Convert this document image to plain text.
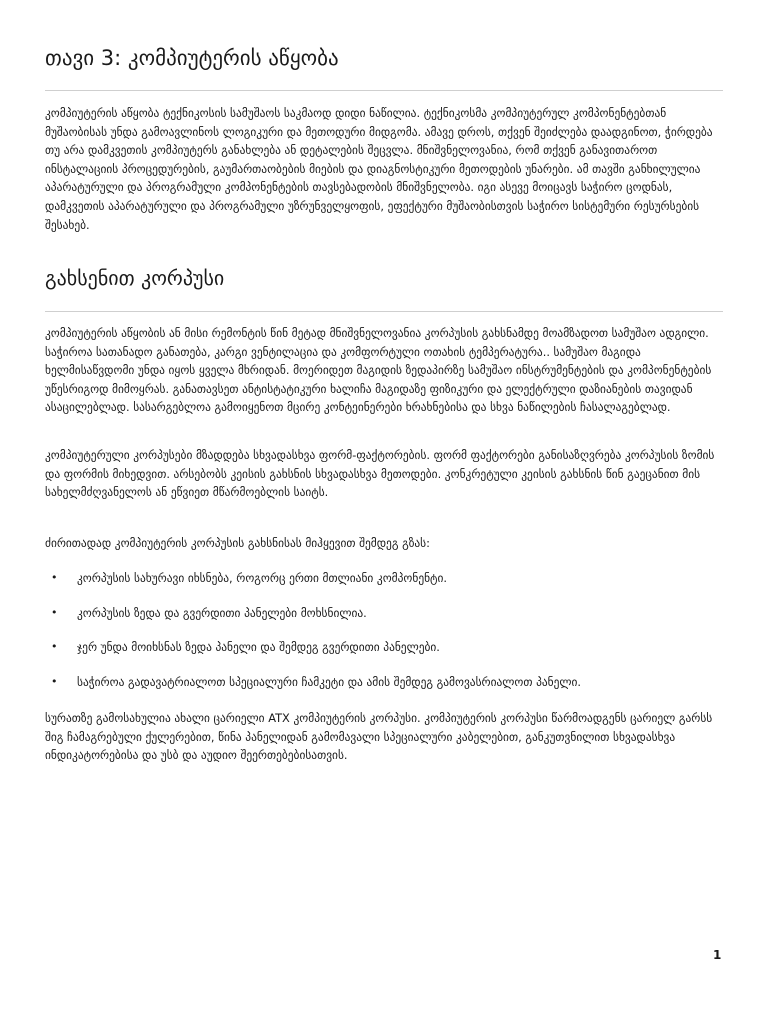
თავი 3: კომპიუტერის აწყობა

კომპიუტერის აწყობა ტექნიკოსის სამუშაოს საკმაოდ დიდი ნაწილია. ტექნიკოსმა კომპიუტერულ კომპონენტებთან მუშაობისას უნდა გამოავლინოს ლოგიკური და მეთოდური მიდგომა. ამავე დროს, თქვენ შეიძლება დაადგინოთ, ჭირდება თუ არა დამკვეთის კომპიუტერს განახლება ან დეტალების შეცვლა. მნიშვნელოვანია, რომ თქვენ განავითაროთ ინსტალაციის პროცედურების, გაუმართაობების მიების და დიაგნოსტიკური მეთოდების უნარები. ამ თავში განხილულია აპარატურული და პროგრამული კომპონენტების თავსებადობის მნიშვნელობა. იგი ასევე მოიცავს საჭირო ცოდნას, დამკვეთის აპარატურული და პროგრამული უზრუნველყოფის, ეფექტური მუშაობისთვის საჭირო სისტემური რესურსების შესახებ.

გახსენით კორპუსი

კომპიუტერის აწყობის ან მისი რემონტის წინ მეტად მნიშვნელოვანია კორპუსის გახსნამდე მოამზადოთ სამუშაო ადგილი. საჭიროა სათანადო განათება, კარგი ვენტილაცია და კომფორტული ოთახის ტემპერატურა.. სამუშაო მაგიდა ხელმისაწვდომი უნდა იყოს ყველა მხრიდან. მოერიდეთ მაგიდის ზედაპირზე სამუშაო ინსტრუმენტების და კომპონენტების უწესრიგოდ მიმოყრას. განათავსეთ ანტისტატიკური ხალიჩა მაგიდაზე ფიზიკური და ელექტრული დაზიანების თავიდან ასაცილებლად. სასარგებლოა გამოიყენოთ მცირე კონტეინერები ხრახნებისა და სხვა ნაწილების ჩასალაგებლად.

კომპიუტერული კორპუსები მზადდება სხვადასხვა ფორმ-ფაქტორების. ფორმ ფაქტორები განისაზღვრება კორპუსის ზომის და ფორმის მიხედვით. არსებობს კეისის გახსნის სხვადასხვა მეთოდები. კონკრეტული კეისის გახსნის წინ გაეცანით მის სახელმძღვანელოს ან ეწვიეთ მწარმოებლის საიტს.

ძირითადად კომპიუტერის კორპუსის გახსნისას მიჰყევით შემდეგ გზას:

• კორპუსის სახურავი იხსნება, როგორც ერთი მთლიანი კომპონენტი.
• კორპუსის ზედა და გვერდითი პანელები მოხსნილია.
• ჯერ უნდა მოიხსნას ზედა პანელი და შემდეგ გვერდითი პანელები.
• საჭიროა გადავატრიალოთ სპეციალური ჩამკეტი და ამის შემდეგ გამოვასრიალოთ პანელი.

სურათზე გამოსახულია ახალი ცარიელი ATX კომპიუტერის კორპუსი. კომპიუტერის კორპუსი წარმოადგენს ცარიელ გარსს შიგ ჩამაგრებული ქულერებით, წინა პანელიდან გამომავალი სპეციალური კაბელებით, განკუთვნილით სხვადასხვა ინდიკატორებისა და უსბ და აუდიო შეერთებებისათვის.

1
